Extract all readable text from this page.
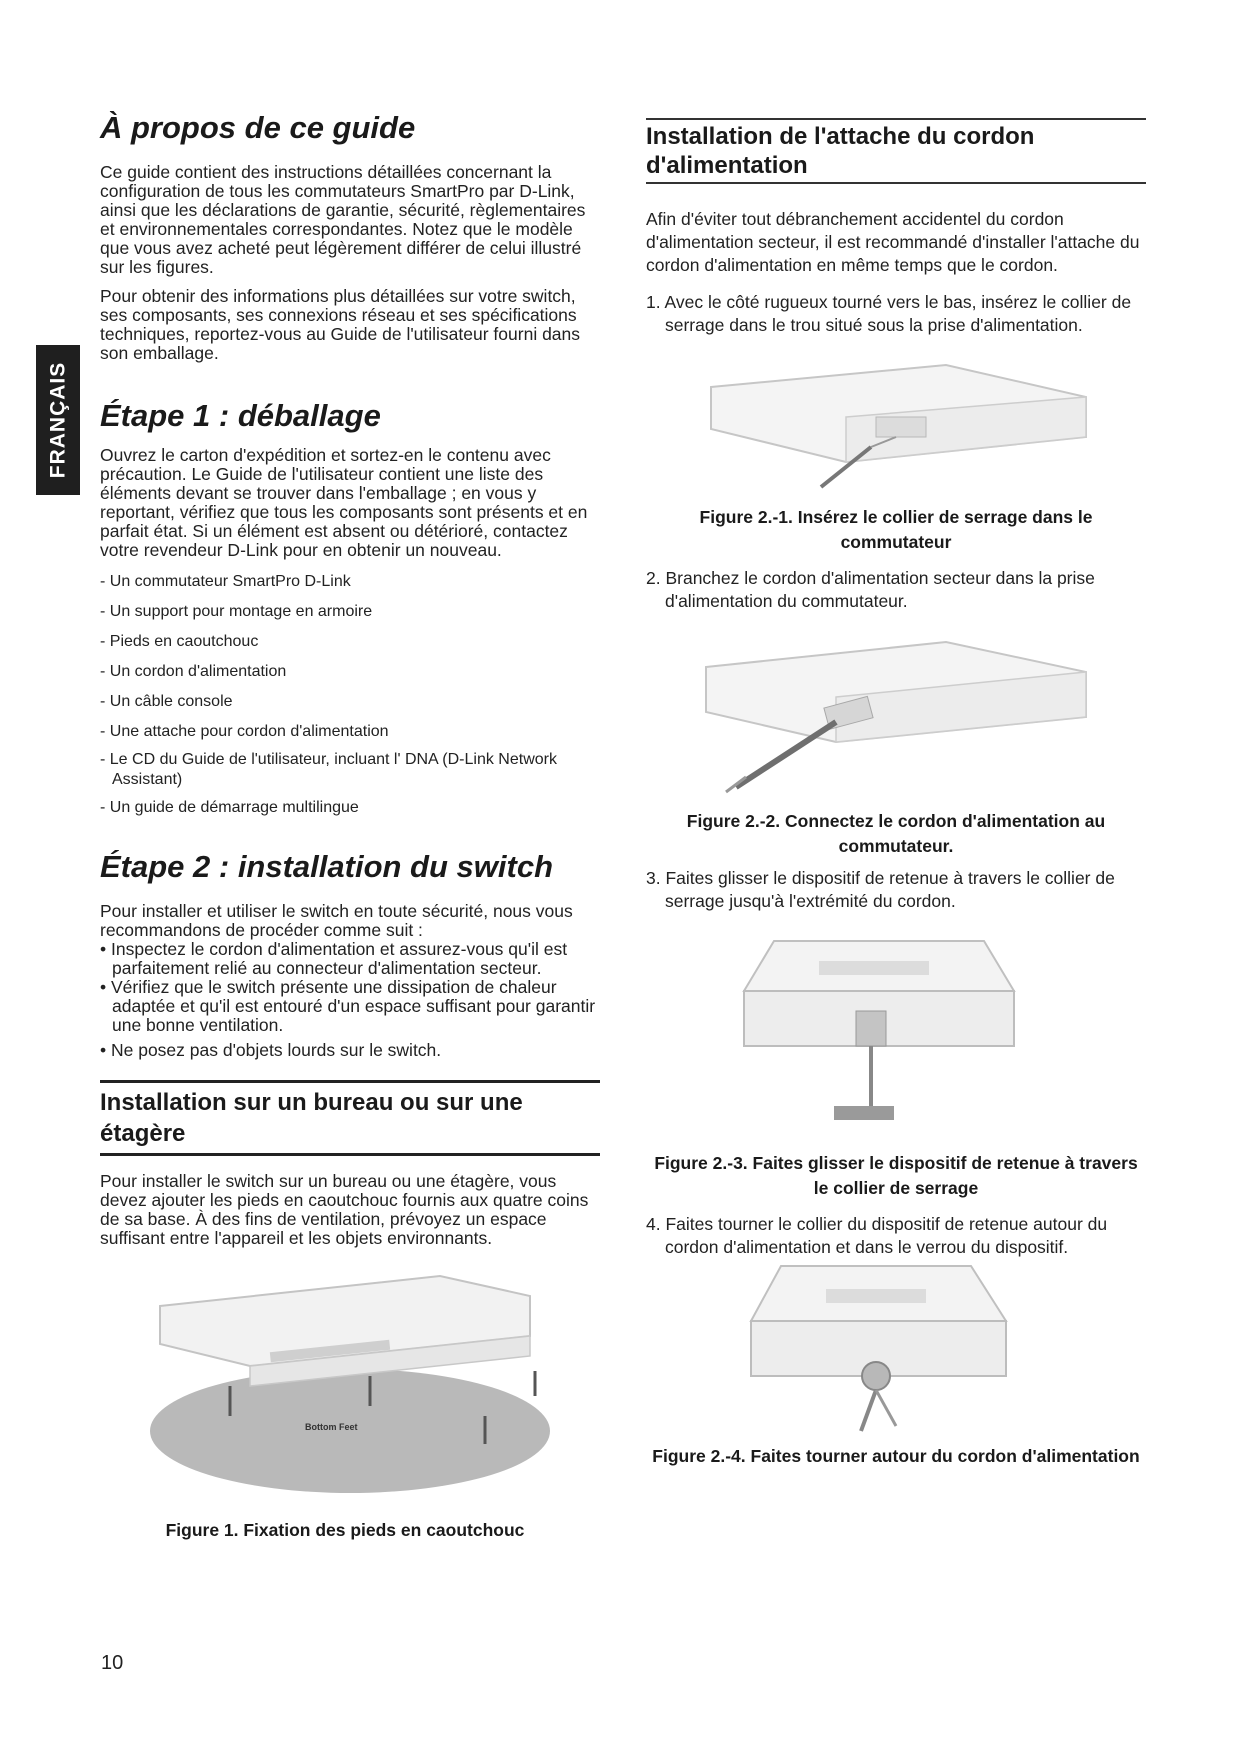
FRANÇAIS
À propos de ce guide

Ce guide contient des instructions détaillées concernant la configuration de tous les commutateurs SmartPro par D-Link, ainsi que les déclarations de garantie, sécurité, règlementaires et environnementales correspondantes. Notez que le modèle que vous avez acheté peut légèrement différer de celui illustré sur les figures.

Pour obtenir des informations plus détaillées sur votre switch, ses composants, ses connexions réseau et ses spécifications techniques, reportez-vous au Guide de l'utilisateur fourni dans son emballage.

Étape 1 : déballage

Ouvrez le carton d'expédition et sortez-en le contenu avec précaution. Le Guide de l'utilisateur contient une liste des éléments devant se trouver dans l'emballage ; en vous y reportant, vérifiez que tous les composants sont présents et en parfait état. Si un élément est absent ou détérioré, contactez votre revendeur D-Link pour en obtenir un nouveau.

- Un commutateur SmartPro D-Link
- Un support pour montage en armoire
- Pieds en caoutchouc
- Un cordon d'alimentation
- Un câble console
- Une attache pour cordon d'alimentation
- Le CD du Guide de l'utilisateur, incluant l' DNA (D-Link Network Assistant)
- Un guide de démarrage multilingue
Étape 2 : installation du switch

Pour installer et utiliser le switch en toute sécurité, nous vous recommandons de procéder comme suit :

• Inspectez le cordon d'alimentation et assurez-vous qu'il est parfaitement relié au connecteur d'alimentation secteur.
• Vérifiez que le switch présente une dissipation de chaleur adaptée et qu'il est entouré d'un espace suffisant pour garantir une bonne ventilation.
• Ne posez pas d'objets lourds sur le switch.
Installation sur un bureau ou sur une étagère

Pour installer le switch sur un bureau ou une étagère, vous devez ajouter les pieds en caoutchouc fournis aux quatre coins de sa base. À des fins de ventilation, prévoyez un espace suffisant entre l'appareil et les objets environnants.

Bottom Feet
Figure 1. Fixation des pieds en caoutchouc
Installation de l'attache du cordon d'alimentation

Afin d'éviter tout débranchement accidentel du cordon d'alimentation secteur, il est recommandé d'installer l'attache du cordon d'alimentation en même temps que le cordon.

1. Avec le côté rugueux tourné vers le bas, insérez le collier de serrage dans le trou situé sous la prise d'alimentation.
Figure 2.-1. Insérez le collier de serrage dans le commutateur
2. Branchez le cordon d'alimentation secteur dans la prise d'alimentation du commutateur.
Figure 2.-2. Connectez le cordon d'alimentation au commutateur.
3. Faites glisser le dispositif de retenue à travers le collier de serrage jusqu'à l'extrémité du cordon.
Figure 2.-3. Faites glisser le dispositif de retenue à travers le collier de serrage
4. Faites tourner le collier du dispositif de retenue autour du cordon d'alimentation et dans le verrou du dispositif.
Figure 2.-4. Faites tourner autour du cordon d'alimentation
10
